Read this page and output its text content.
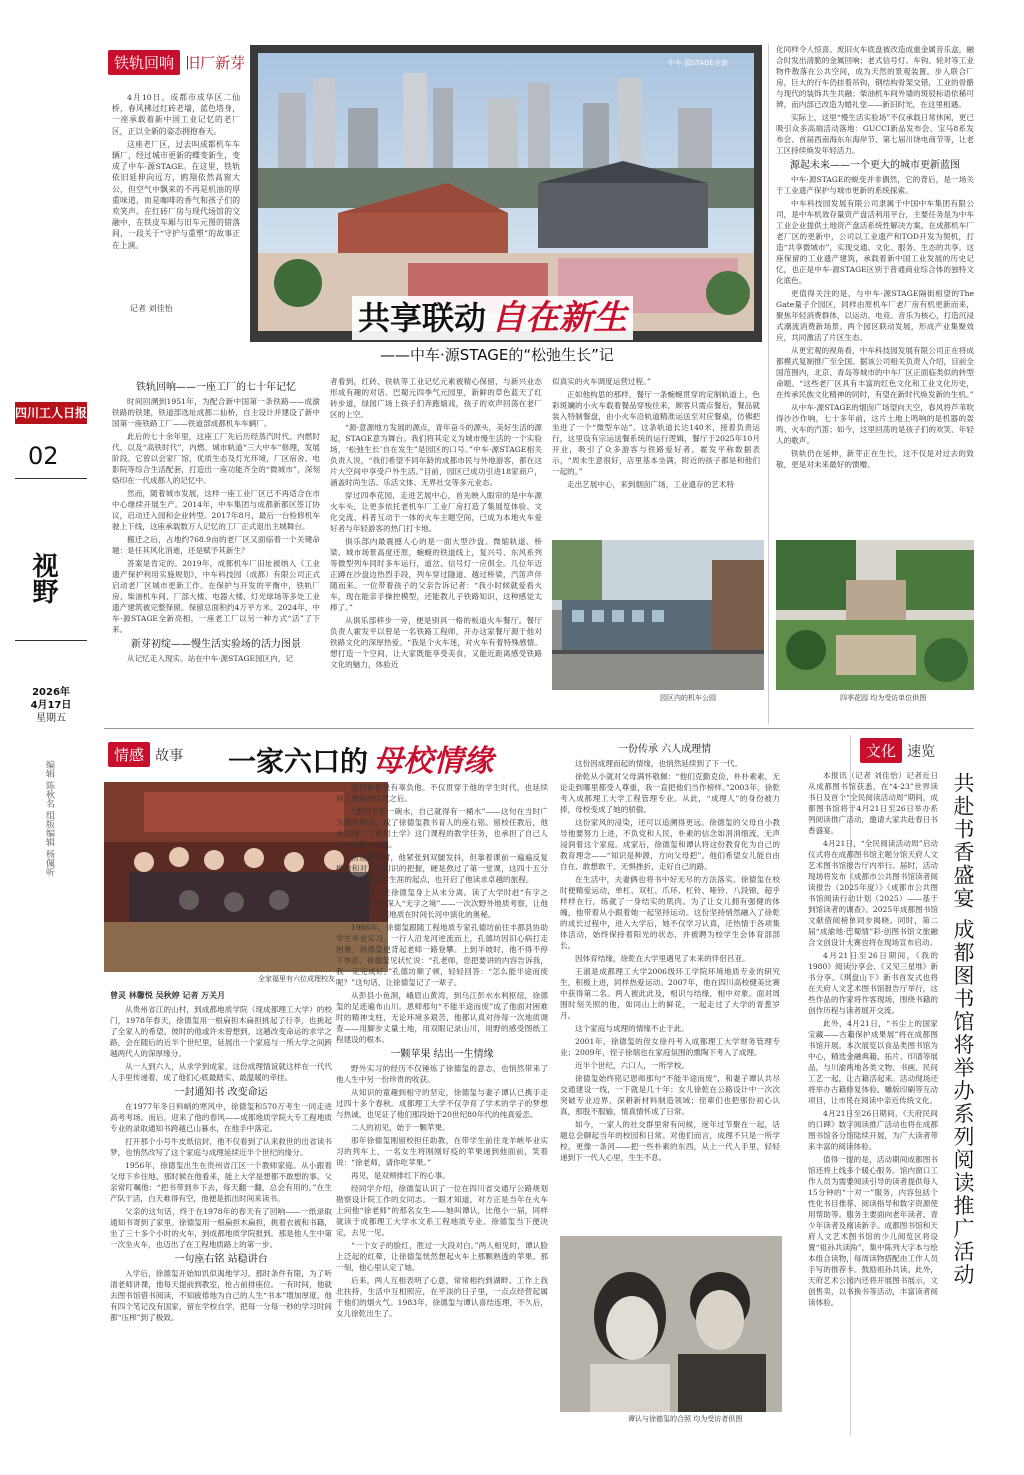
四川工人日报
02
视野
2026年
4月17日
星期五
编辑 陈秋名 组版编辑 杨佩听
铁轨回响 旧厂新芽

4月10日，成都市成华区二仙桥，春风拂过红砖老墙，蓝色塔身，一座承载着新中国工业记忆的老厂区，正以全新的姿态拥抱春天。

这座老厂区，过去叫成都机车车辆厂，经过城市更新的蝶变新生，变成了中车·源STAGE。在这里，铁轨依旧延伸向远方，鸥翔依然高窗大公，但空气中飘来的不再是机油的厚重味道，而是咖啡的香气和孩子们的欢笑声。在红砖厂房与现代场馆的交融中，在铁皮车厢与旧车元图的错落间，一段关于“守护与重塑”的故事正在上演。

记者 刘佳怡
中车·源STAGE全貌
共享联动 自在新生
——中车·源STAGE的“松弛生长”记
铁轨回响——一座工厂的七十年记忆

时间回溯到1951年，为配合新中国第一条铁路——成渝铁路的铁建，铁道部选址成都二仙桥，自主设计并建设了新中国第一座铁路工厂——铁道部成都机车车辆厂。

此后的七十余年里，这座工厂先后历经蒸汽时代、内燃时代、以及“高铁时代”，内燃、城市轨道“三大中车”修理，发展阶段。它曾以会家厂馆，优质生态及灯光环境，厂区宿舍、电影院等综合生活配套，打造出一座功能齐全的“微城市”，深刻烙印在一代成都人的记忆中。

然而，随着城市发展，这样一座工业厂区已不再适合在市中心继续开展生产。2014年，中车集团与成都新都区签订协议，启动迁入园和企业转型。2017年8月，最后一台检修机车驶上下线，这座承载数万人记忆的工厂正式退出主城舞台。

搬迁之后，占地约768.9亩的老厂区又面临着一个关键命题：是任其风化消逝，还是赋予其新生？

答案是肯定的。2019年，成都机车厂旧址被纳入《工业遗产保护利用实施规划》，中车科技园（成都）有限公司正式启动老厂区城市更新工作。在保护与开发的平衡中，铁轨厂房、柴油机车间、厂部大楼、电器大楼、灯光球场等多处工业遗产建筑被完整保留。保留总面积约4万平方米。2024年，中车·源STAGE全新亮相，一座老工厂以另一种方式“活”了下来。

新芽初绽——慢生活实验场的活力图景

从记忆走入现实。站在中车·源STAGE园区内，记

者看到，红砖、铁轨等工业记忆元素被精心保留，与新兴业态形成有趣的对话。巴蜀元四季气元园里，新鲜的草色蓝天了红砖步道，绿园广场上孩子们奔跑嬉戏，孩子的欢声回荡在老厂区的上空。

“源·意源地方发展的源点，青年奋斗的源头，美好生活的源起，STAGE意为舞台。我们将其定义为城市慢生活的一个实验场，‘松弛生长’自在发生”是园区的口号。”中车·源STAGE相关负责人说，“我们希望不同年龄的成都市民与外地游客，都在这片大空间中享受户外生活。”目前，园区已成功引进18家商户，涵盖时尚生活、乐活文体、无界社交等多元业态。

穿过四季花园，走进艺展中心，首先映入眼帘的是中车源火车头，让更多依托老机车厂工业厂房打造了集展览体验、文化交流、科普互动于一体的火车主题空间，已成为本地火车爱好者与年轻游客的热门打卡地。

俱乐部内最震撼人心的是一面大型沙盘。微缩轨道、桥梁、城市场景高度还原，蜿蜒的铁道线上，复兴号、东风系列等微型列车同时多车运行，道岔、信号灯一应俱全。几位年迈正蹲在沙盘边热烈手段，列车穿过隧道、越过桥梁，汽笛声伴随而来。一位带着孩子的父亲告诉记者：“我小时候就爱看火车，现在能亲手操控模型，还能教儿子铁路知识，这种感觉太棒了。”

从俱乐部移步一旁，便是别具一格的板道火车餐厅。餐厅负责人霍发平以曾是一名铁路工程师，开办这家餐厅源于他对铁路文化的深厚热爱。“我是个火车迷，对火车有着特殊感情。想打造一个空间，让大家既能享受美食，又能近距离感受铁路文化的魅力，体验近

似真实的火车调度运营过程。”

正如他构思的那样，餐厅一条蜿蜒贯穿的定制轨道上，色彩斑斓的小火车载着餐品穿梭往来，顾客只需点餐后，餐品就装入特制餐盘，由小火车沿轨道精准运送至对应餐桌，仿佛把坐进了一个“微型车站”。这条轨道长达140米，接着负责运行，这里设有宗运送餐系统的运行逻辑，餐厅于2025年10月开业，吸引了众多游客与铁路爱好者。霍发平称数据表示，“周末生意很好，店里基本坐满，附近的孩子都是和他们一起的。”

走出艺展中心，来到烟囱广场，工业遗存的艺术特

化同样令人惊喜。废旧火车底盘被改造成重金属音乐盒，融合时发出清脆的金属回响；老式信号灯、车钩、轮对等工业物件散落在公共空间，成为天然的景观装置。步入联合厂房，巨大的行车仍挂着吊钩，钢结构骨架交错，工业的骨骼与现代的装饰共生共融；柴油机车间外墙的斑驳标语依稀可辨，而内部已改造为婚礼堂——新旧时光，在这里相遇。

实际上，这里“慢生活实验场”不仅承载日常休闲，更已吸引众多高端活动落地：GUCCI新品发布会、宝马8系发布会、首届西南海东东海岸节、第七届川饶电商节等，让老工区持续焕发年轻活力。

源起未来——一个更大的城市更新蓝图

中车·源STAGE的蜕变并非偶然，它的背后，是一场关于工业遗产保护与城市更新的系统探索。

中车科技园发展有限公司隶属于中国中车集团有限公司，是中车机效存量资产盘活利用平台，主要任务是为中车工业企业提供土地资产盘活系统性解决方案。在成都机车厂老厂区的更新中，公司以工业遗产和TOD开发为契机，打造“共享微城市”，实现交通、文化、服务、生态的共享。这座保留的工业遗产建筑，承载着新中国工业发展的历史记忆，也正是中车·源STAGE区别于普通商业综合体的独特文化底色。

更值得关注的是，与中车·源STAGE隔街相望的The Gate量子介园区，同样由原机车厂老厂房有机更新而来，聚焦年轻消费群体，以运动、电竞、音乐为核心，打造沉浸式潮流消费新场景。两个园区联动发展，形成产业集聚效应，共同激活了片区生态。

从更宏观的视角看，中车科技园发展有限公司正在将成都模式复制推广至全国。据该公司相关负责人介绍，目前全国范围内，北京、青岛等城市的中车厂区正面临类似的转型命题。“这些老厂区具有丰富的红色文化和工业文化历史，在传承民族文化精神的同时，有望在新时代焕发新的生机。”

从中车·源STAGE的烟囱广场望向天空，春风将芦苇吹得沙沙作响，七十多年前，这片土地上鸣响的是机器的轰鸣、火车的汽笛；如今，这里回荡的是孩子们的欢笑、年轻人的歌声。

铁轨仍在延伸，新芽正在生长，这不仅是对过去的致敬，更是对未来最好的馈赠。

园区内的机车公园	四季花园 均为受访单位供图
情感 故事 一家六口的 母校情缘	一份传承 六人成理情
全家福里有六位成理校友
曾灵 林馨悦 吴秋婷 记者 万关月

从贵州省江的山村，到成都地质学院（现成都理工大学）的校门，1978年春天，徐德玺用一根扁担木扁担挑起了行李，也挑起了全家人的希望。彼时的他或许未曾想到，这趟改变命运的求学之路，会在随后的近半个世纪里，延展出一个家庭与一所大学之间跨越两代人的深厚缘分。

从一人到六人，从求学到成家，这份成理情谊就这样在一代代人手里传递着，成了他们心底最踏实、最温暖的牵挂。

一封通知书 改变命运

在1977年冬日料峭的寒风中，徐德玺和570万考生一同走进高考考场。而后，迎来了他的春风——成都地质学院大专工程地质专业的录取通知书跨越已山暮水，在他手中落定。

打开那个小号牛皮纸信封，他不仅看到了认来救世的出省读书梦，也悄然改写了这个家庭与成理延续近半个世纪的缘分。

1956年，徐德玺出生在贵州省江区一个教师家庭。从小跟着父母下乡住地，那时候在他看来，能上大学是想都不敢想的事。父亲常叮嘱他：“把书带到乡下去，每天翻一翻，总会有用的。”在生产队干活，白天难得有空，他便是抓出时间来读书。

父亲的这句话，终于在1978年的春天有了回响——一纸录取通知书寄到了家里。徐德玺用一根扁担木扁担，挑着衣被和书籍，坐了三十多个小时的火车，到成都地质学院报到。那是他人生中第一次坐火车，也迈出了在工程地质路上的第一步。

一句座右铭 站稳讲台

入学后，徐德玺开始如饥似渴地学习。那时条件有限，为了听清老师讲课，他每天提前到教室，抢占前排座位。一有时间，他就去图书馆借书阅读，不知疲倦地为自己的人生“书本”增加厚度。他有四个笔记没有国家，留在学校自学，把每一分每一秒的学习时间都“压榨”到了极致。

这份执着没有辜负他。不仅贯穿于他的学生时代，也延续到了他留校任教之后。

“要给学生一碗水，自己就得有一桶水”——这句在当时广为流传的话，成了徐德玺教书育人的座右铭。留校任教后，他来担起《工程岩土学》这门课程的教学任务，也承担了自己人生中的第一堂课。

初登讲台时，他紧张到双腿发抖，但靠着课前一遍遍反复推敲和对专业知识的把握，硬是熬过了第一堂课，这四十五分钟，成为他教学生涯的起点，也开启了他读求卓越的旅程。

知与行，在徐德玺身上从未分离。读了大学时赶“有字之书”，实习中则深入“无字之境”——一次次野外地质考察，让他真正读懂了工程地质在时间长河中演化的奥秘。

1986年，徐德玺跟随工程地质专家孔德坊前往丰都县协助学生毕业实习。一行人沿龙河逆流而上，孔德坊因旧心病打走困难，徐德玺便背起老师一路登攀。上到半坡时，他不得不停下休息，徐德玺见状忙说：“孔老师，您把要讲的内容告诉我，我一定完成好。”孔德坊顺了顿，轻轻回答：“怎么能半途而废呢？”这句话，让徐德玺记了一辈子。

从彭县小鱼洞，峨眉山黄湾，到乌江彭水水利枢纽，徐德玺的足迹遍布山川。恩师那句“不能半途而废”成了他面对困难时的精神支柱，无论环境多艰苦，他都认真对待每一次地质调查——用脚步丈量土地，用双眼记录山川，用野的感受图纸工程建设的根本。

一颗苹果 结出一生情缘

野外实习的经历不仅锤炼了徐德玺的意志，也悄然带来了他人生中另一份珍贵的收获。

从知识的童趣到相守的坚定，徐德玺与妻子谭认已携手走过四十多个春秋。成都理工大学不仅孕育了学术的学子的梦想与热诚，也见证了他们那段始于20世纪80年代的纯真爱恋。

二人的初见，始于一颗苹果。

那年徐德玺刚留校担任助教，在带学生前往龙羊峡毕业实习的列车上，一名女生将刚刚好疫的苹果递到他面前，笑着说：“徐老师，请你吃苹果。”

再见，是双颊排红下的心事。

经同学介绍，徐德玺认识了一位在四川省交通厅公路规划勘察设计院工作的女同志。一眼才知道，对方正是当年在火车上问他“徐老师”的那名女生——她叫谭认，比他小一届，同样就读于成都理工大学水文系工程地质专业。徐德玺当下便决定，去见一见。

“一个女子的脸红，胜过一大段对白。”两人相见时，谭认脸上泛起的红晕，让徐德玺恍然想起火车上那颗熟透的苹果。那一刻，他心里认定了她。

后来，两人互相表明了心意，常常相约到湖畔、工作上我北扶持，生活中互相照应，在平淡的日子里，一点点经营起属于他们的烟火气。1983年，徐德玺与谭认喜结连理，不久后，女儿徐乾出生了。

这份因成理而起的情缘，也悄然延续到了下一代。

徐乾从小就对父母满怀敬佩：“他们克勤克俭，朴朴素素，无论走到哪里都受人尊重，我一直把他们当作榜样。”2003年，徐乾考入成都理工大学工程管理专业。从此，“成理人”的身份被力捧，母校变成了她的骄傲。

这份家风的浸染，还可以追溯得更远。徐德玺的父母自小教导他要努力上进，不负党和人民，朴素的信念如涓涓细流，无声浸润着这个家庭。成家后，徐德玺和谭认将这份教育化为自己的教育理念——“知识是种源，方向父母把”。他们希望女儿能自由自在、敢想敢干、无惧挫折，走好自己的路。

在生活中，夫妻俩也将书中好无尽的方法落实。徐德玺在校时便精爱运动，单杠、双杠、爪环、杠铃、哑铃、八段锦，超乎样样在行，练就了一身结实的肌肉。为了让女儿拥有强健的体魄，他带着从小跟着她一起坚持运动。这份坚持悄然融入了徐乾的成长过程中，进入大学后，她不仅学习认真，还热情于各项集体活动，始终保持着阳光的状态，并被聘为校学生会体育部部长。

因体育结缘，徐乾在大学里遇见了未来的伴侣吕亚。

王淑是成都理工大学2006级环工学院环境地质专业的研究生，积极上进，同样热爱运动。2007年，他在四川高校健美比赛中获得第二名。两人被此此及，相识与结缘，相中对象。面对周围时刻关照的他，如同山上的鲜花，一起走过了大学的青葱岁月。

这个家庭与成理的情缘不止于此。

2001年，徐德玺的侄女徐丹考入成都理工大学财务管理专业；2009年，侄子徐瑞也在家庭氛围的熏陶下考入了成理。

近半个世纪，六口人，一所学校。

徐德玺始终铭记恩师那句“不能半途而废”，和妻子谭认共尽交通建设一线，一下就是几十年；女儿徐乾在公路设计中一次次突破专业边界，深耕新材料制造领域；侄辈们也把那份初心认真，那股不服输，情真情怀成了日常。

如今，一家人的社交群里常有问候，迷年过节聚在一起，话题总会聊起当年的校园和日常。对他们而言，成理不只是一所学校，更像一条河——把一些朴素的东西，从上一代人手里，轻轻递到下一代人心里，生生不息。

谭认与徐德玺的合照 均为受访者供图
文化 速览

本报讯（记者 刘佳怡）记者近日从成都图书馆获悉，在“4·23”世界读书日及首个“全民阅读活动周”期间，成都图书馆将于4月21日至26日举办系列阅读推广活动，邀请大家共赴春日书香盛宴。

4月21日，“全民阅读活动周”启动仪式将在成都图书馆主题分馆天府人文艺术图书馆报告厅内举行。届时，活动现场将发布《成都市公共图书馆读者阅读报告（2025年度）》《成都市公共图书馆阅读行动计划（2025）——基于到馆读者的调查》。2025年成都图书馆文献借阅榜单同步揭晓。同时，第二届“成渝地·巴蜀情”彩·创图书馆文旅融合文创设计大赛也将在现场宣布启动。

4月21日至26日期间，《我的1980》阅读分享会、《又见三星堆》新书分享、《琪盘山下》新书首发式也将在天府人文艺术图书馆报告厅举行，这些作品的作家将作客现场，围绕书籍的创作历程与读者展开交流。

此外，4月21日，“书尘上的国家宝藏——古籍保护成果展”将在成都图书馆开展。本次展览以食品类图书馆为中心，精选金融典籍、拓片、印谱等展品，与川渝两地各类文物、书画、民间工艺一起，让古籍活起来。活动现场还将举办古籍修复体验、雕版印刷等互动项目，让市民在阅读中亲近传统文化。

4月21日至26日期间，《天府民间的口碑》数字阅读推广活动也将在成都图书馆各分馆陆续开展，为广大读者带来丰富的阅读体验。

值得一提的是，活动期间成都图书馆还将上线多个暖心服务。馆内窗口工作人员为需要阅读引导的读者提供每人15分钟的“一对一”服务，内容包括个性化书目推荐、阅读指导和数字资源使用帮助等。服务主要面向老年读者、青少年读者及阅读新手。成都图书馆和天府人文艺术图书馆的少儿阅览区将设置“祖孙共读角”，集中陈列大字本与绘本组合读物，每周读物搭配由工作人员手写的推荐卡。鼓励祖孙共读。此外，天府艺术公园内还将开展图书展示，文创售卖，以书换书等活动，丰富读者阅读体验。

共赴书香盛宴 成都图书馆将举办系列阅读推广活动
